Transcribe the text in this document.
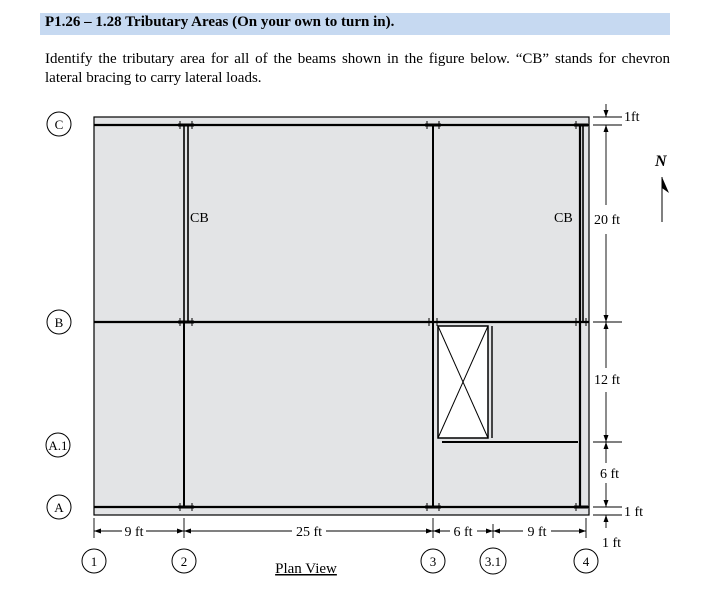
P1.26 – 1.28 Tributary Areas (On your own to turn in).
Identify the tributary area for all of the beams shown in the figure below. “CB” stands for chevron lateral bracing to carry lateral loads.
CB	CB
C
B
A.1
A
1	2	3	3.1	4
9 ft	25 ft	6 ft	9 ft
1ft
20 ft
12 ft
6 ft
1 ft
1 ft
N
Plan View
